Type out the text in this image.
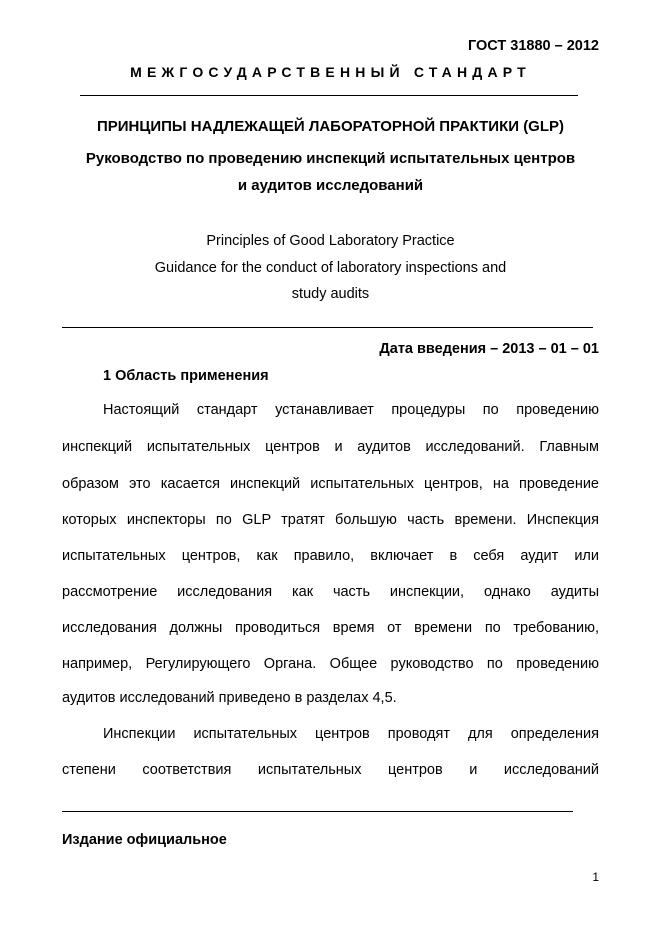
ГОСТ 31880 – 2012
МЕЖГОСУДАРСТВЕННЫЙ СТАНДАРТ
ПРИНЦИПЫ НАДЛЕЖАЩЕЙ ЛАБОРАТОРНОЙ ПРАКТИКИ (GLP)
Руководство по проведению инспекций испытательных центров
и аудитов исследований
Principles of Good Laboratory Practice
Guidance for the conduct of laboratory inspections and
study audits
Дата введения – 2013 – 01 – 01
1 Область применения
Настоящий стандарт устанавливает процедуры по проведению
инспекций испытательных центров и аудитов исследований. Главным
образом это касается инспекций испытательных центров, на проведение
которых инспекторы по GLP тратят большую часть времени. Инспекция
испытательных центров, как правило, включает в себя аудит или
рассмотрение исследования как часть инспекции, однако аудиты
исследования должны проводиться время от времени по требованию,
например, Регулирующего Органа. Общее руководство по проведению
аудитов исследований приведено в разделах 4,5.
Инспекции испытательных центров проводят для определения
степени соответствия испытательных центров и исследований
Издание официальное
1
